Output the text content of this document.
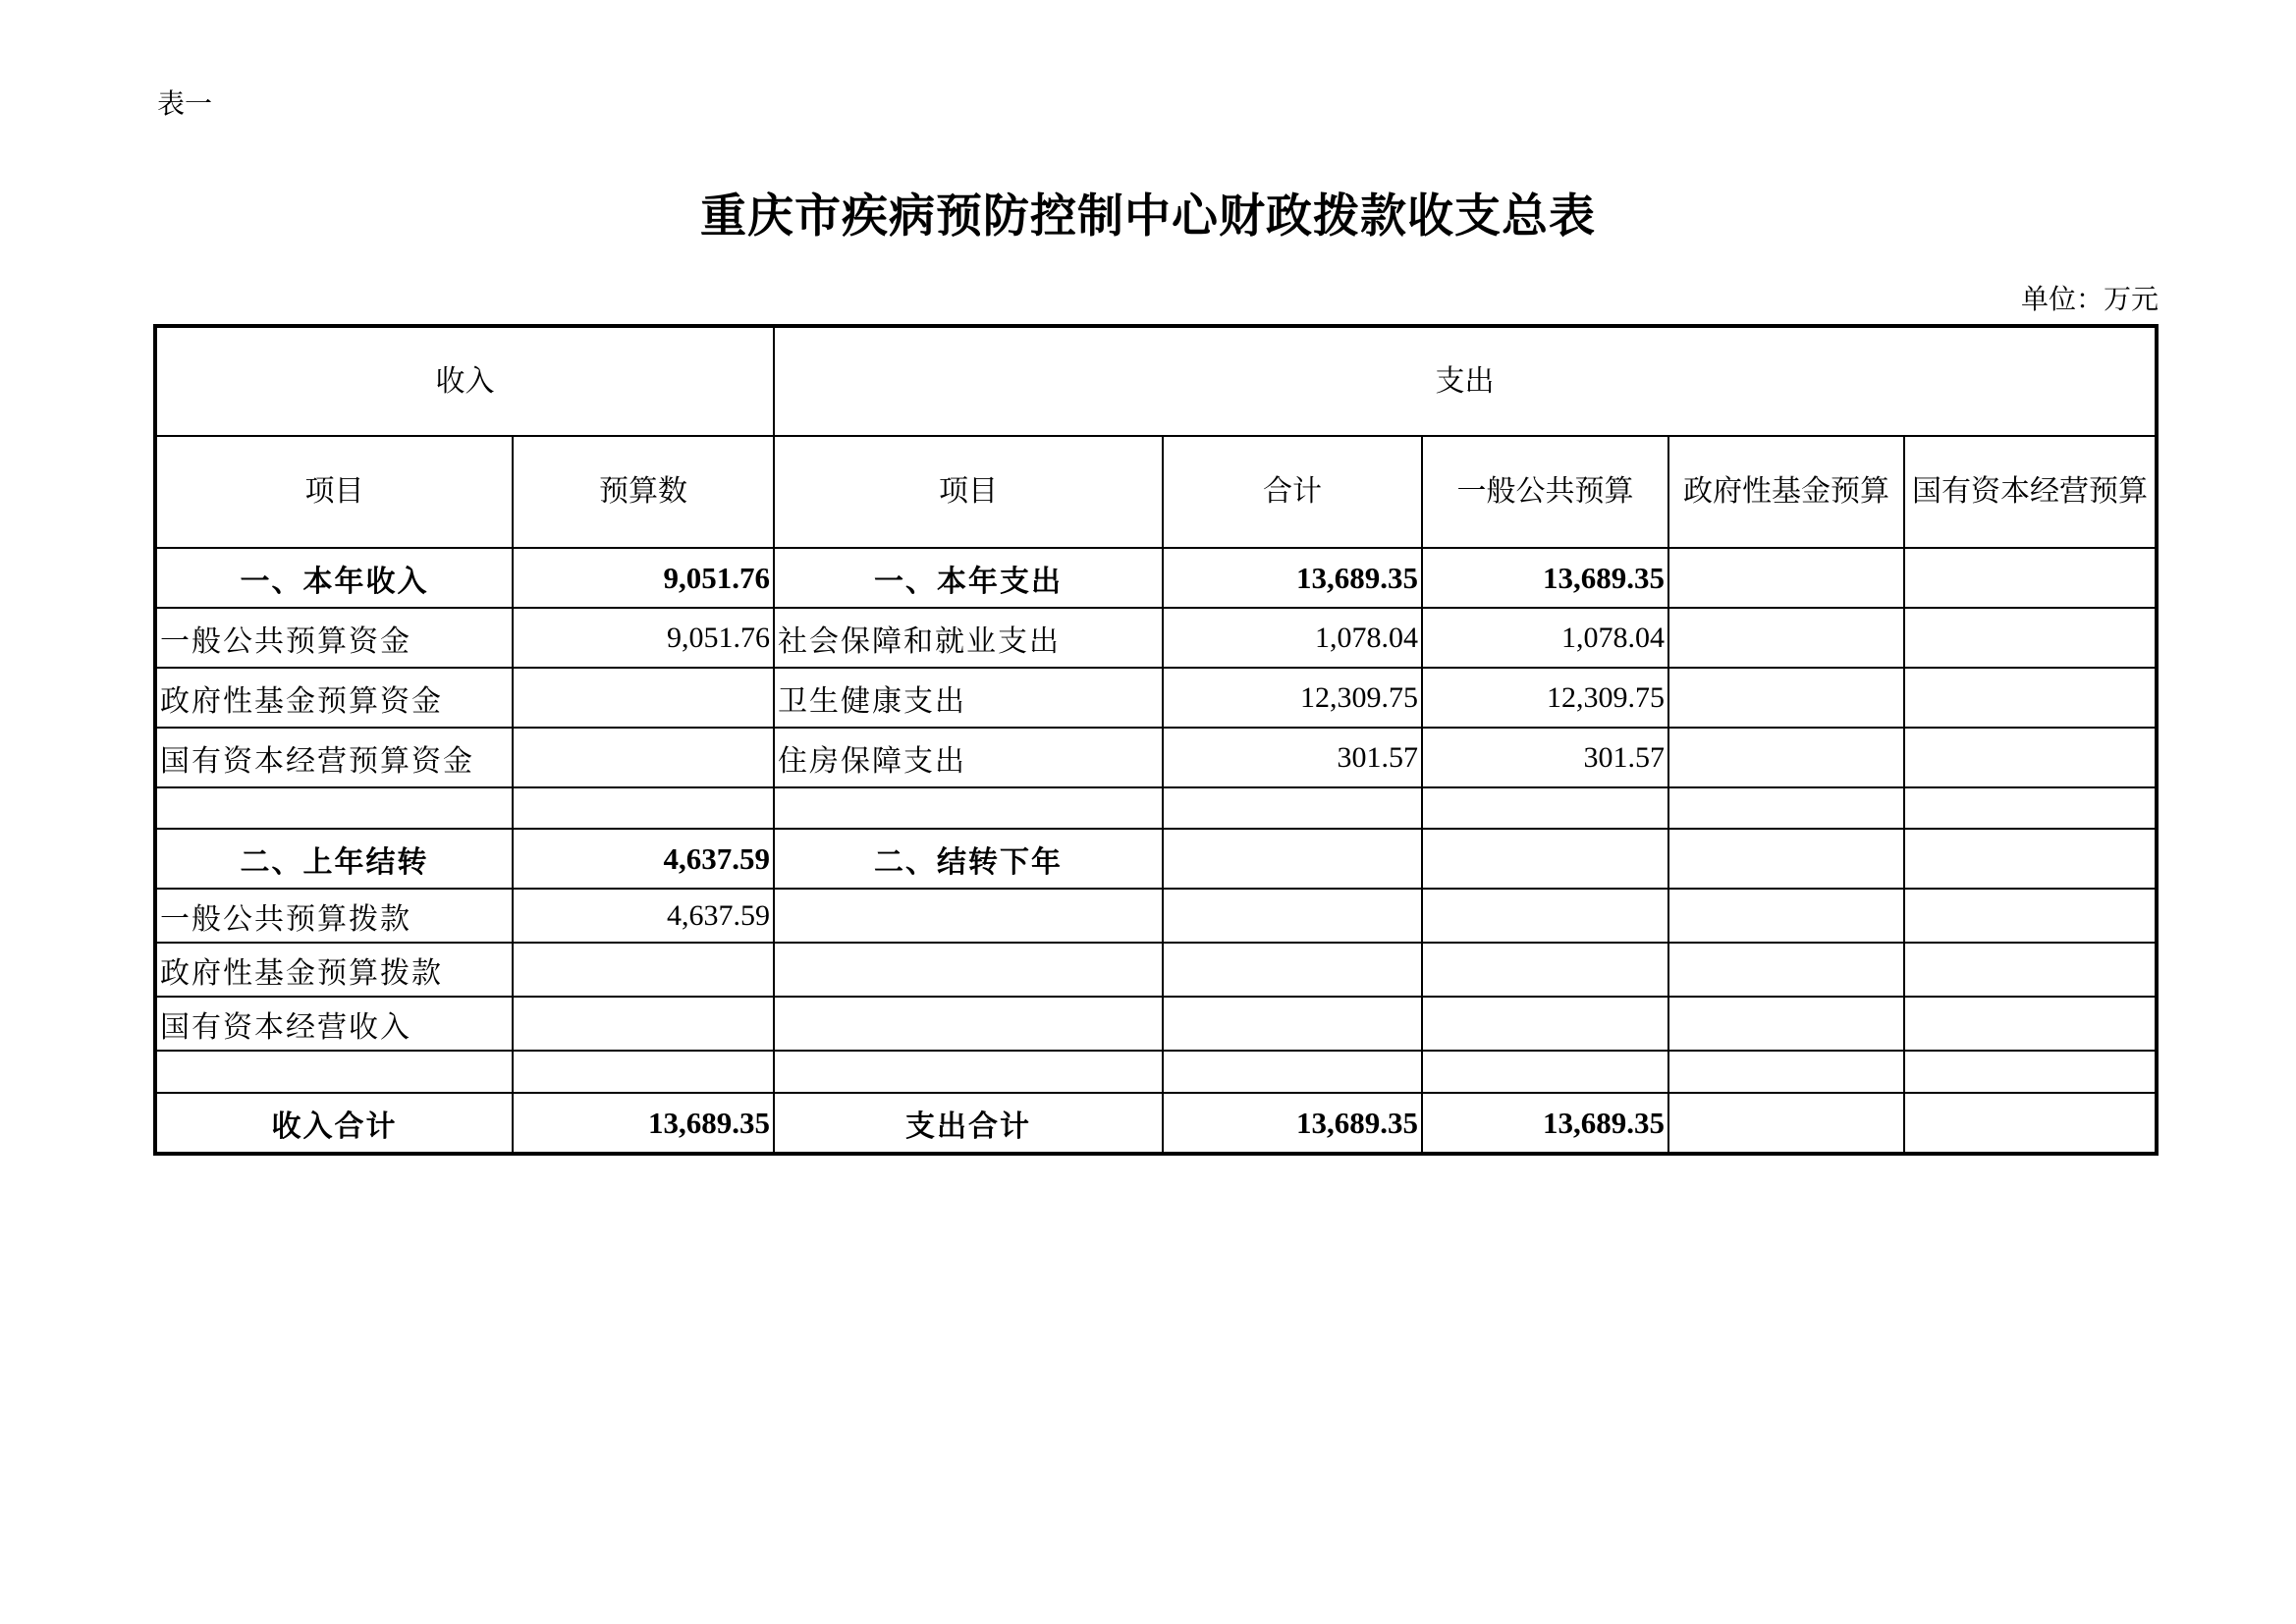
表一
重庆市疾病预防控制中心财政拨款收支总表
单位：万元
收入		支出				
项目	预算数	项目	合计	一般公共预算	政府性基金预算	国有资本经营预算
一、本年收入	9,051.76	一、本年支出	13,689.35	13,689.35		
一般公共预算资金	9,051.76	社会保障和就业支出	1,078.04	1,078.04		
政府性基金预算资金		卫生健康支出	12,309.75	12,309.75		
国有资本经营预算资金		住房保障支出	301.57	301.57		

二、上年结转	4,637.59	二、结转下年				
一般公共预算拨款	4,637.59					
政府性基金预算拨款						
国有资本经营收入						

收入合计	13,689.35	支出合计	13,689.35	13,689.35		
